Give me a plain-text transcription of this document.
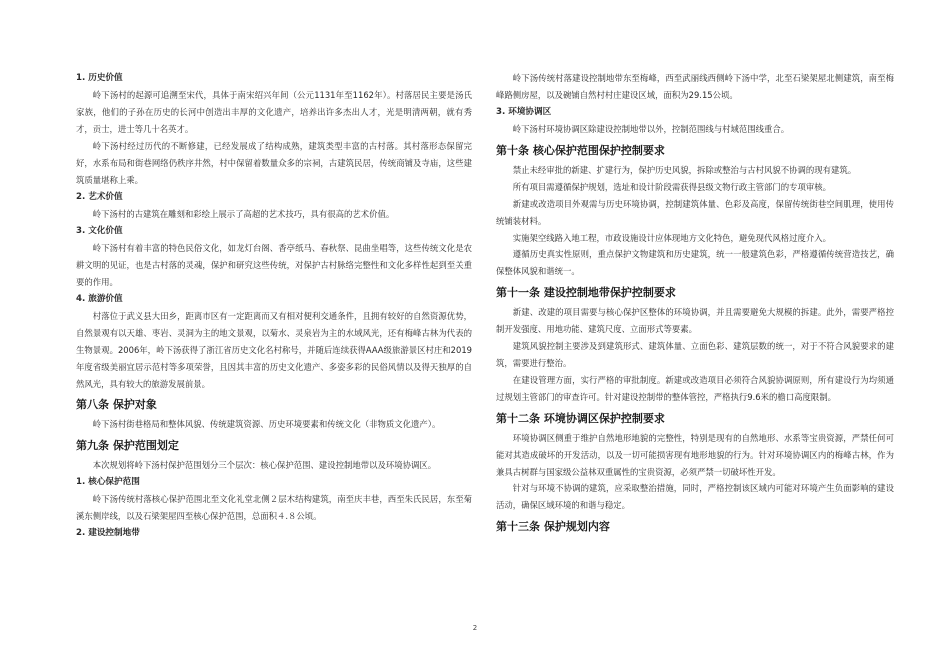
1. 历史价值

岭下汤村的起源可追溯至宋代，具体于南宋绍兴年间（公元1131年至1162年）。村落居民主要是汤氏家族，他们的子孙在历史的长河中创造出丰厚的文化遗产，培养出许多杰出人才，光是明清两朝，就有秀才，贡士，进士等几十名英才。

岭下汤村经过历代的不断修建，已经发展成了结构成熟，建筑类型丰富的古村落。其村落形态保留完好，水系布局和街巷网络仍秩序井然，村中保留着数量众多的宗祠，古建筑民居，传统商铺及寺庙，这些建筑质量堪称上乘。

2. 艺术价值

岭下汤村的古建筑在雕刻和彩绘上展示了高超的艺术技巧，具有很高的艺术价值。

3. 文化价值

岭下汤村有着丰富的特色民俗文化，如龙灯台阁、香亭纸马、春秋祭、昆曲坐唱等，这些传统文化是农耕文明的见证，也是古村落的灵魂，保护和研究这些传统，对保护古村脉络完整性和文化多样性起到至关重要的作用。

4. 旅游价值

村落位于武义县大田乡，距离市区有一定距离而又有相对便利交通条件，且拥有较好的自然资源优势，自然景观有以天雄、枣岩、灵洞为主的地文景观，以菊水、灵泉岩为主的水域风光，还有梅峰古林为代表的生物景观。2006年，岭下汤获得了浙江省历史文化名村称号，并随后连续获得AAA级旅游景区村庄和2019年度省级美丽宜居示范村等多项荣誉，且因其丰富的历史文化遗产、多姿多彩的民俗风情以及得天独厚的自然风光，具有较大的旅游发展前景。

第八条 保护对象

岭下汤村街巷格局和整体风貌、传统建筑资源、历史环境要素和传统文化（非物质文化遗产）。

第九条 保护范围划定

本次规划将岭下汤村保护范围划分三个层次：核心保护范围、建设控制地带以及环境协调区。

1. 核心保护范围

岭下汤传统村落核心保护范围北至文化礼堂北侧２层木结构建筑，南至庆丰巷，西至朱氏民居，东至菊溪东侧岸线，以及石梁架屋四至核心保护范围，总面积４.８公顷。

2. 建设控制地带

岭下汤传统村落建设控制地带东至梅峰，西至武丽线西侧岭下汤中学，北至石梁架屋北侧建筑，南至梅峰路侧房屋，以及碗铺自然村村庄建设区域，面积为29.15公顷。

3. 环境协调区

岭下汤村环境协调区除建设控制地带以外，控制范围线与村域范围线重合。

第十条 核心保护范围保护控制要求

禁止未经审批的新建、扩建行为，保护历史风貌，拆除或整治与古村风貌不协调的现有建筑。

所有项目需遵循保护规划，选址和设计阶段需获得县级文物行政主管部门的专项审核。

新建或改造项目外观需与历史环境协调，控制建筑体量、色彩及高度，保留传统街巷空间肌理，使用传统铺装材料。

实施架空线路入地工程，市政设施设计应体现地方文化特色，避免现代风格过度介入。

遵循历史真实性原则，重点保护文物建筑和历史建筑，统一一般建筑色彩，严格遵循传统营造技艺，确保整体风貌和谐统一。

第十一条 建设控制地带保护控制要求

新建、改建的项目需要与核心保护区整体的环境协调，并且需要避免大规模的拆建。此外，需要严格控制开发强度、用地功能、建筑尺度、立面形式等要素。

建筑风貌控制主要涉及到建筑形式、建筑体量、立面色彩、建筑层数的统一，对于不符合风貌要求的建筑，需要进行整治。

在建设管理方面，实行严格的审批制度。新建或改造项目必须符合风貌协调原则，所有建设行为均须通过规划主管部门的审查许可。针对建设控制带的整体管控，严格执行9.6米的檐口高度限制。

第十二条 环境协调区保护控制要求

环境协调区侧重于维护自然地形地貌的完整性，特别是现有的自然地形、水系等宝贵资源，严禁任何可能对其造成破坏的开发活动，以及一切可能损害现有地形地貌的行为。针对环境协调区内的梅峰古林，作为兼具古树群与国家级公益林双重属性的宝贵资源，必须严禁一切破坏性开发。

针对与环境不协调的建筑，应采取整治措施，同时，严格控制该区域内可能对环境产生负面影响的建设活动，确保区域环境的和谐与稳定。

第十三条 保护规划内容

2
